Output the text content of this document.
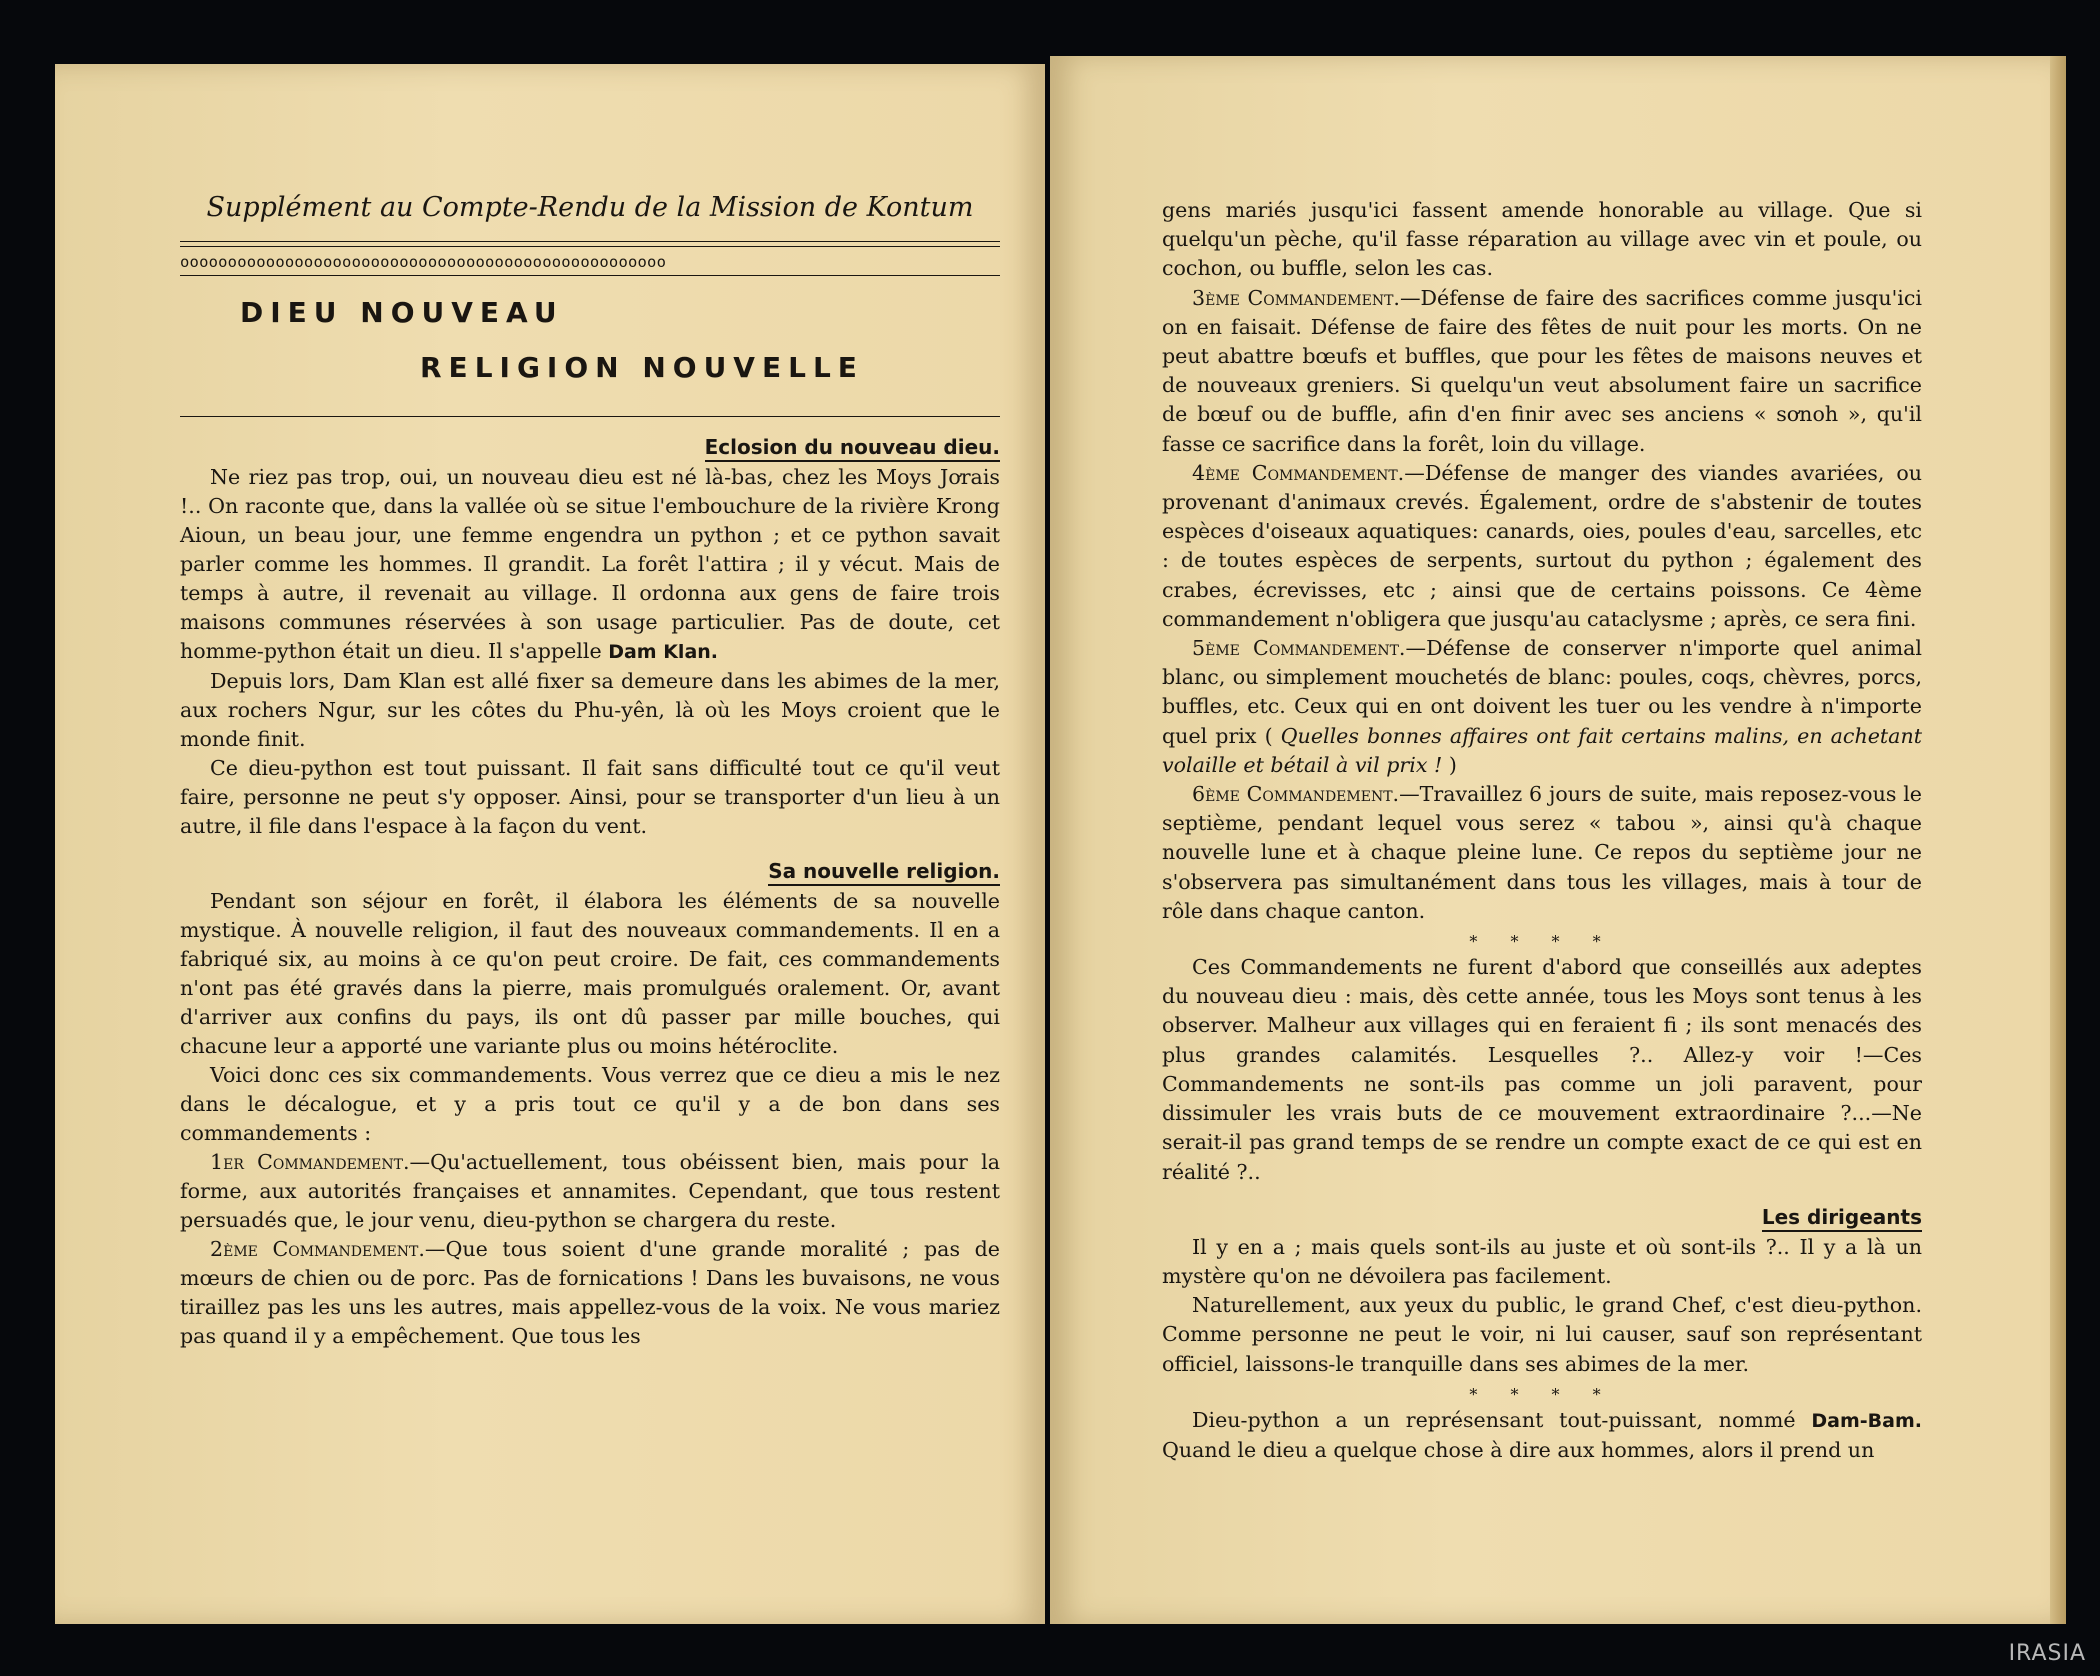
Supplément au Compte-Rendu de la Mission de Kontum
ooooooooooooooooooooooooooooooooooooooooooooooooooo
DIEU NOUVEAU
RELIGION NOUVELLE
Eclosion du nouveau dieu.

Ne riez pas trop, oui, un nouveau dieu est né là-bas, chez les Moys Jơrais !.. On raconte que, dans la vallée où se situe l'embouchure de la rivière Krong Aioun, un beau jour, une femme engendra un python ; et ce python savait parler comme les hommes. Il grandit. La forêt l'attira ; il y vécut. Mais de temps à autre, il revenait au village. Il ordonna aux gens de faire trois maisons communes réservées à son usage particulier. Pas de doute, cet homme-python était un dieu. Il s'appelle Dam Klan.

Depuis lors, Dam Klan est allé fixer sa demeure dans les abimes de la mer, aux rochers Ngur, sur les côtes du Phu-yên, là où les Moys croient que le monde finit.

Ce dieu-python est tout puissant. Il fait sans difficulté tout ce qu'il veut faire, personne ne peut s'y opposer. Ainsi, pour se transporter d'un lieu à un autre, il file dans l'espace à la façon du vent.

Sa nouvelle religion.

Pendant son séjour en forêt, il élabora les éléments de sa nouvelle mystique. À nouvelle religion, il faut des nouveaux commandements. Il en a fabriqué six, au moins à ce qu'on peut croire. De fait, ces commandements n'ont pas été gravés dans la pierre, mais promulgués oralement. Or, avant d'arriver aux confins du pays, ils ont dû passer par mille bouches, qui chacune leur a apporté une variante plus ou moins hétéroclite.

Voici donc ces six commandements. Vous verrez que ce dieu a mis le nez dans le décalogue, et y a pris tout ce qu'il y a de bon dans ses commandements :

1er Commandement.—Qu'actuellement, tous obéissent bien, mais pour la forme, aux autorités françaises et annamites. Cependant, que tous restent persuadés que, le jour venu, dieu-python se chargera du reste.

2ème Commandement.—Que tous soient d'une grande moralité ; pas de mœurs de chien ou de porc. Pas de fornications ! Dans les buvaisons, ne vous tiraillez pas les uns les autres, mais appellez-vous de la voix. Ne vous mariez pas quand il y a empêchement. Que tous les

gens mariés jusqu'ici fassent amende honorable au village. Que si quelqu'un pèche, qu'il fasse réparation au village avec vin et poule, ou cochon, ou buffle, selon les cas.

3ème Commandement.—Défense de faire des sacrifices comme jusqu'ici on en faisait. Défense de faire des fêtes de nuit pour les morts. On ne peut abattre bœufs et buffles, que pour les fêtes de maisons neuves et de nouveaux greniers. Si quelqu'un veut absolument faire un sacrifice de bœuf ou de buffle, afin d'en finir avec ses anciens « sơnoh », qu'il fasse ce sacrifice dans la forêt, loin du village.

4ème Commandement.—Défense de manger des viandes avariées, ou provenant d'animaux crevés. Également, ordre de s'abstenir de toutes espèces d'oiseaux aquatiques: canards, oies, poules d'eau, sarcelles, etc : de toutes espèces de serpents, surtout du python ; également des crabes, écrevisses, etc ; ainsi que de certains poissons. Ce 4ème commandement n'obligera que jusqu'au cataclysme ; après, ce sera fini.

5ème Commandement.—Défense de conserver n'importe quel animal blanc, ou simplement mouchetés de blanc: poules, coqs, chèvres, porcs, buffles, etc. Ceux qui en ont doivent les tuer ou les vendre à n'importe quel prix ( Quelles bonnes affaires ont fait certains malins, en achetant volaille et bétail à vil prix ! )

6ème Commandement.—Travaillez 6 jours de suite, mais reposez-vous le septième, pendant lequel vous serez « tabou », ainsi qu'à chaque nouvelle lune et à chaque pleine lune. Ce repos du septième jour ne s'observera pas simultanément dans tous les villages, mais à tour de rôle dans chaque canton.

* * * *

Ces Commandements ne furent d'abord que conseillés aux adeptes du nouveau dieu : mais, dès cette année, tous les Moys sont tenus à les observer. Malheur aux villages qui en feraient fi ; ils sont menacés des plus grandes calamités. Lesquelles ?.. Allez-y voir !—Ces Commandements ne sont-ils pas comme un joli paravent, pour dissimuler les vrais buts de ce mouvement extraordinaire ?...—Ne serait-il pas grand temps de se rendre un compte exact de ce qui est en réalité ?..

Les dirigeants

Il y en a ; mais quels sont-ils au juste et où sont-ils ?.. Il y a là un mystère qu'on ne dévoilera pas facilement.

Naturellement, aux yeux du public, le grand Chef, c'est dieu-python. Comme personne ne peut le voir, ni lui causer, sauf son représentant officiel, laissons-le tranquille dans ses abimes de la mer.

* * * *

Dieu-python a un représensant tout-puissant, nommé Dam-Bam. Quand le dieu a quelque chose à dire aux hommes, alors il prend un

IRASIA
